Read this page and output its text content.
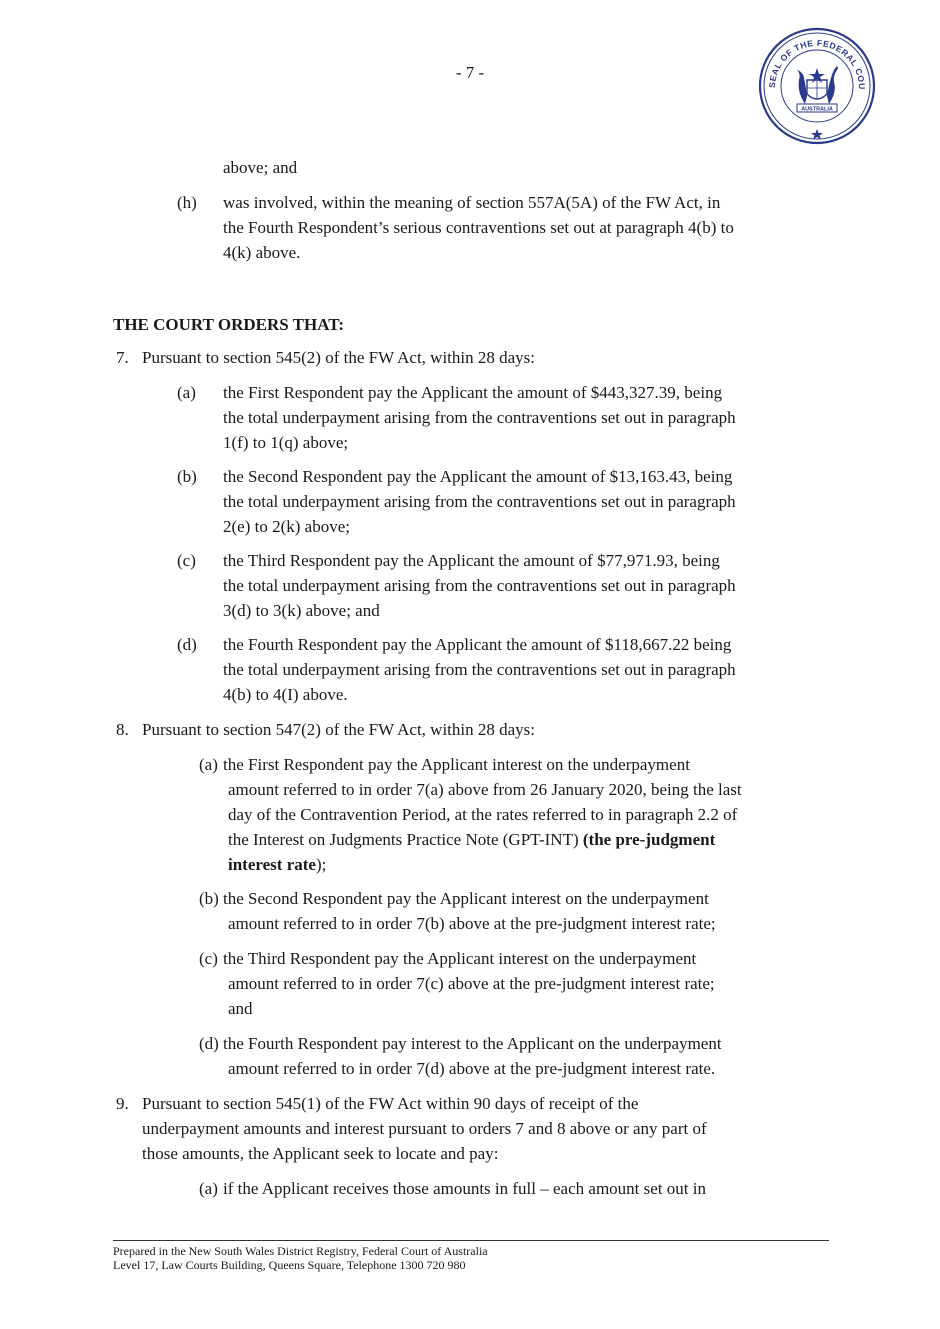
- 7 -
SEAL OF THE FEDERAL COU
AUSTRALIA
above; and
(h) was involved, within the meaning of section 557A(5A) of the FW Act, in
the Fourth Respondent’s serious contraventions set out at paragraph 4(b) to
4(k) above.
THE COURT ORDERS THAT:
7. Pursuant to section 545(2) of the FW Act, within 28 days:
(a) the First Respondent pay the Applicant the amount of $443,327.39, being
the total underpayment arising from the contraventions set out in paragraph
1(f) to 1(q) above;
(b) the Second Respondent pay the Applicant the amount of $13,163.43, being
the total underpayment arising from the contraventions set out in paragraph
2(e) to 2(k) above;
(c) the Third Respondent pay the Applicant the amount of $77,971.93, being
the total underpayment arising from the contraventions set out in paragraph
3(d) to 3(k) above; and
(d) the Fourth Respondent pay the Applicant the amount of $118,667.22 being
the total underpayment arising from the contraventions set out in paragraph
4(b) to 4(I) above.
8. Pursuant to section 547(2) of the FW Act, within 28 days:
(a) the First Respondent pay the Applicant interest on the underpayment
amount referred to in order 7(a) above from 26 January 2020, being the last
day of the Contravention Period, at the rates referred to in paragraph 2.2 of
the Interest on Judgments Practice Note (GPT-INT) (the pre-judgment
interest rate);
(b) the Second Respondent pay the Applicant interest on the underpayment
amount referred to in order 7(b) above at the pre-judgment interest rate;
(c) the Third Respondent pay the Applicant interest on the underpayment
amount referred to in order 7(c) above at the pre-judgment interest rate;
and
(d) the Fourth Respondent pay interest to the Applicant on the underpayment
amount referred to in order 7(d) above at the pre-judgment interest rate.
9. Pursuant to section 545(1) of the FW Act within 90 days of receipt of the
underpayment amounts and interest pursuant to orders 7 and 8 above or any part of
those amounts, the Applicant seek to locate and pay:
(a) if the Applicant receives those amounts in full – each amount set out in
Prepared in the New South Wales District Registry, Federal Court of Australia
Level 17, Law Courts Building, Queens Square, Telephone 1300 720 980
